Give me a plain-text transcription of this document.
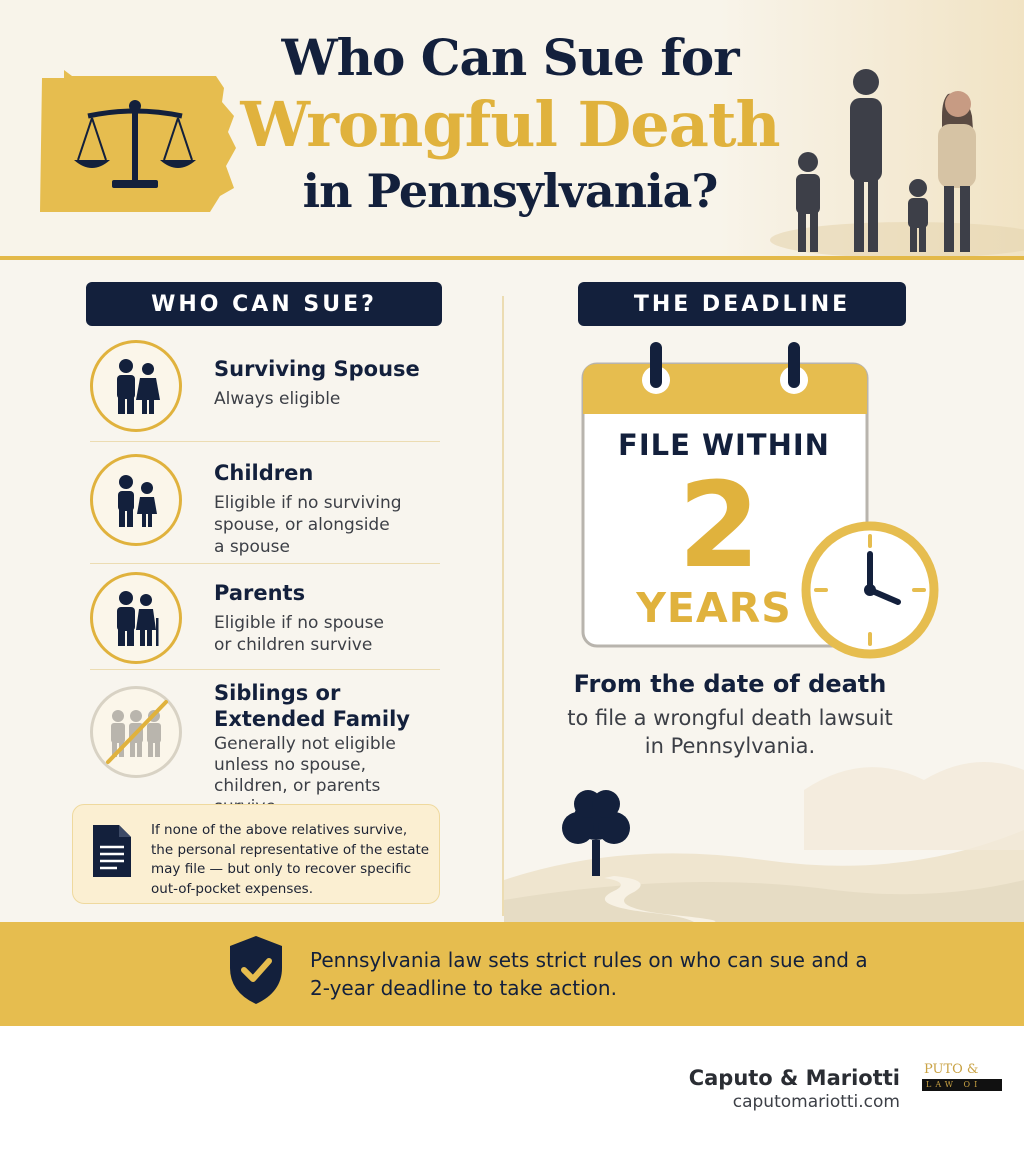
Who Can Sue for
Wrongful Death
in Pennsylvania?
WHO CAN SUE?
Surviving Spouse
Always eligible
Children
Eligible if no surviving
spouse, or alongside
a spouse
Parents
Eligible if no spouse
or children survive
Siblings or
Extended Family
Generally not eligible
unless no spouse,
children, or parents
If none of the above relatives survive, the personal representative of the estate may file — but only to recover specific out-of-pocket expenses.
THE DEADLINE
FILE WITHIN
2
YEARS
From the date of death
to file a wrongful death lawsuit in Pennsylvania.
Pennsylvania law sets strict rules on who can sue and a 2-year deadline to take action.
Caputo & Mariotti
caputomariotti.com
PUTO &
LAW OI
